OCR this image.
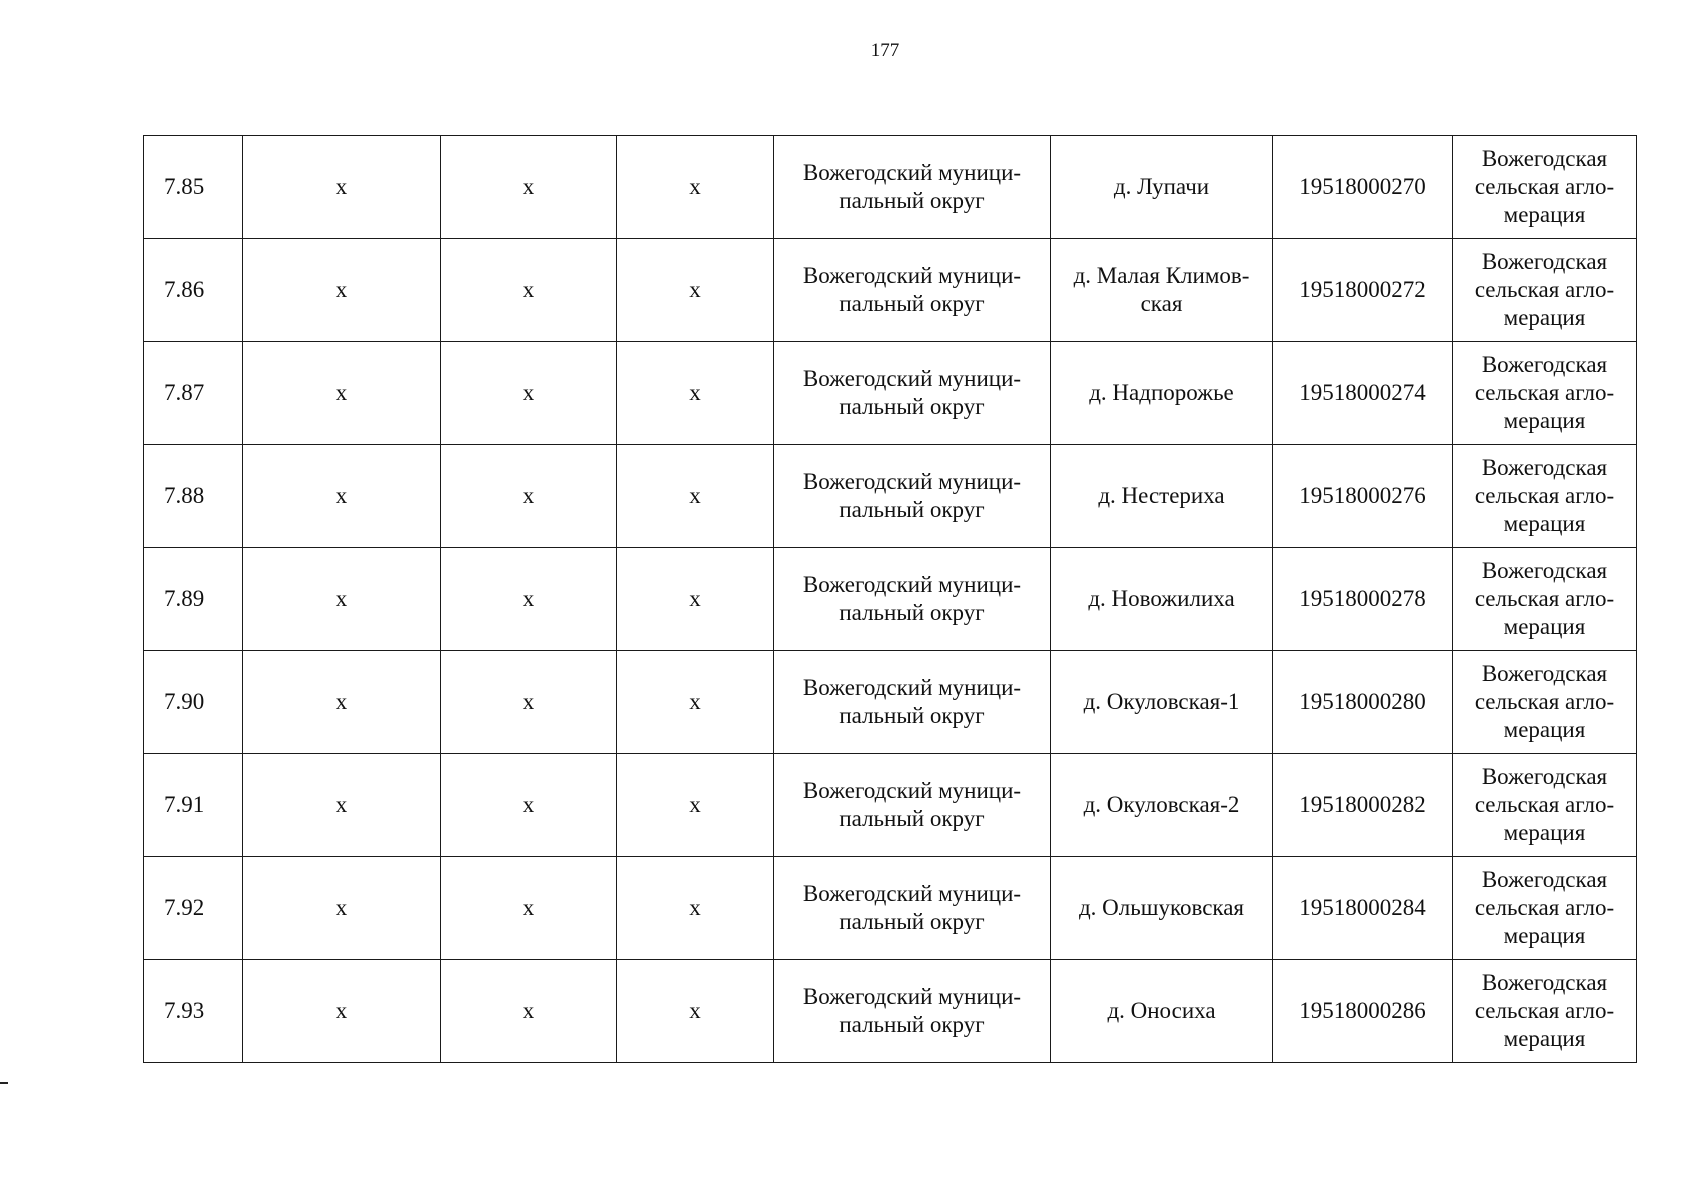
177
7.85	х	х	х	Вожегодский муници-
пальный округ	д. Лупачи	19518000270	Вожегодская
сельская агло-
мерация
7.86	х	х	х	Вожегодский муници-
пальный округ	д. Малая Климов-
ская	19518000272	Вожегодская
сельская агло-
мерация
7.87	х	х	х	Вожегодский муници-
пальный округ	д. Надпорожье	19518000274	Вожегодская
сельская агло-
мерация
7.88	х	х	х	Вожегодский муници-
пальный округ	д. Нестериха	19518000276	Вожегодская
сельская агло-
мерация
7.89	х	х	х	Вожегодский муници-
пальный округ	д. Новожилиха	19518000278	Вожегодская
сельская агло-
мерация
7.90	х	х	х	Вожегодский муници-
пальный округ	д. Окуловская-1	19518000280	Вожегодская
сельская агло-
мерация
7.91	х	х	х	Вожегодский муници-
пальный округ	д. Окуловская-2	19518000282	Вожегодская
сельская агло-
мерация
7.92	х	х	х	Вожегодский муници-
пальный округ	д. Ольшуковская	19518000284	Вожегодская
сельская агло-
мерация
7.93	х	х	х	Вожегодский муници-
пальный округ	д. Оносиха	19518000286	Вожегодская
сельская агло-
мерация
